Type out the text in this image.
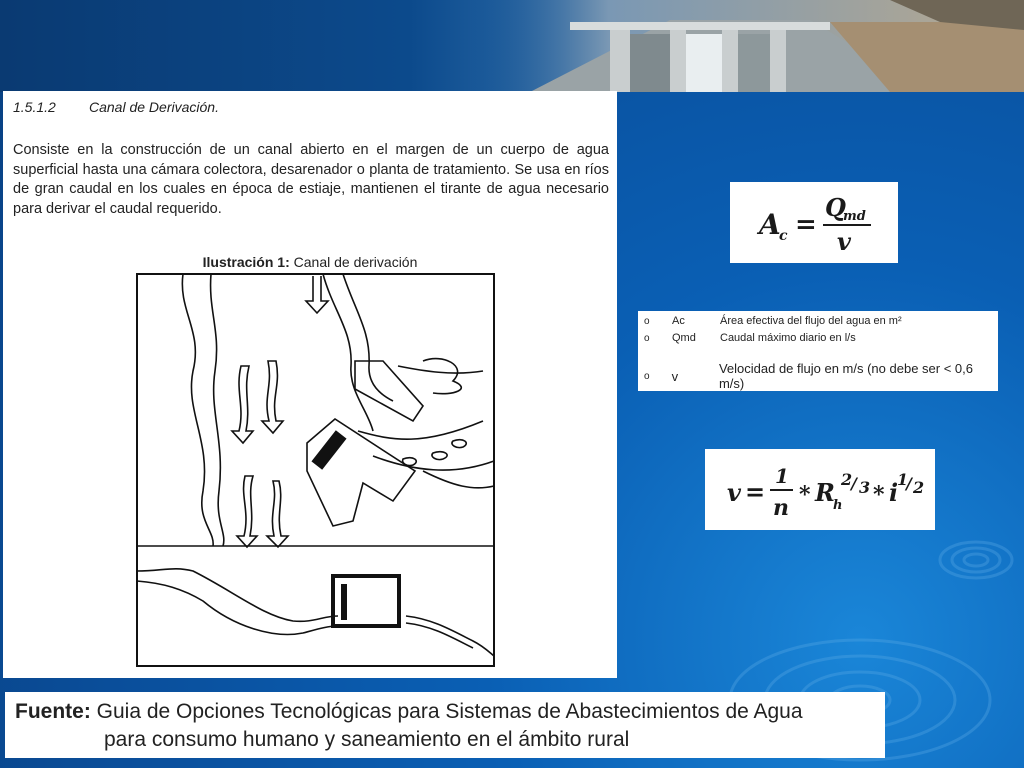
1.5.1.2 Canal de Derivación.
Consiste en la construcción de un canal abierto en el margen de un cuerpo de agua superficial hasta una cámara colectora, desarenador o planta de tratamiento. Se usa en ríos de gran caudal en los cuales en época de estiaje, mantienen el tirante de agua necesario para derivar el caudal requerido.
Ilustración 1: Canal de derivación
A
c =
Q
md
v
o	Ac	Área efectiva del flujo del agua en m²
o	Qmd	Caudal máximo diario en l/s
o	v	Velocidad de flujo en m/s (no debe ser < 0,6 m/s)
v =
1
n * R
h
2
/ 3 * i
1
/ 2
Fuente: Guia de Opciones Tecnológicas para Sistemas de Abastecimientos de Agua
para consumo humano y saneamiento en el ámbito rural
